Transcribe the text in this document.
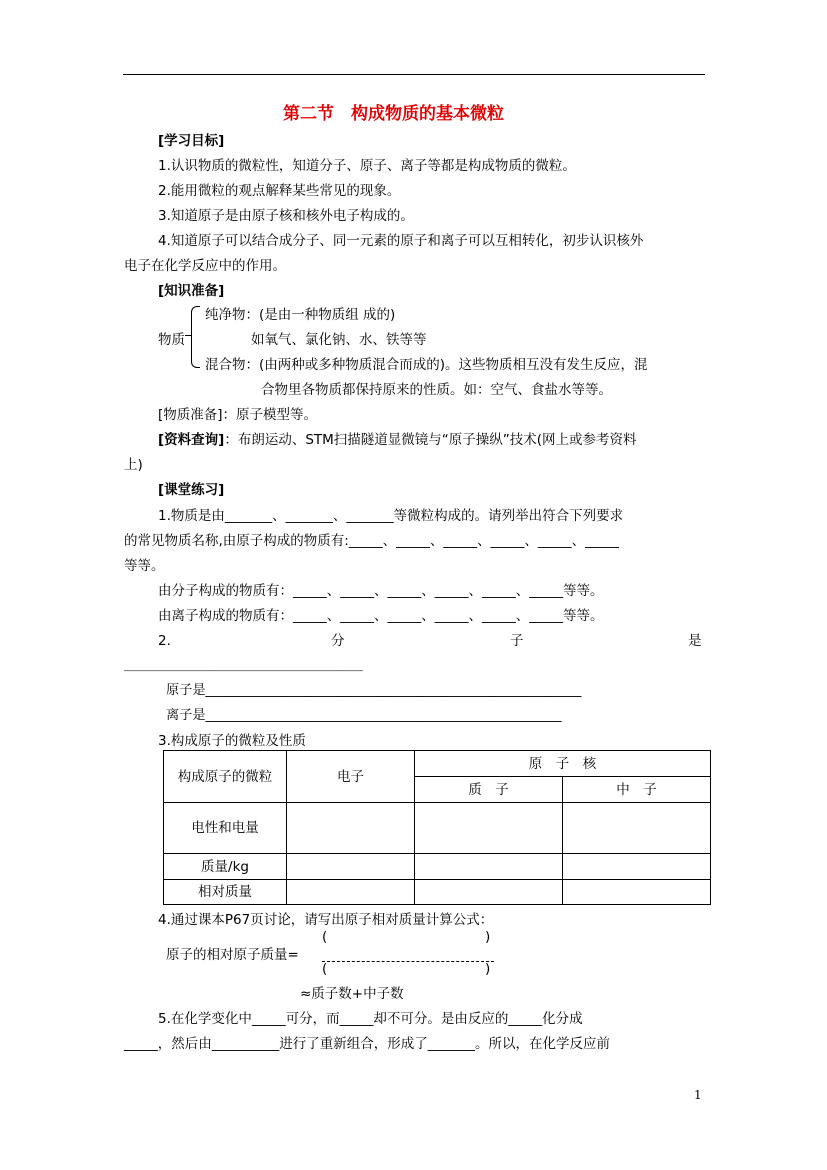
第二节　构成物质的基本微粒
[学习目标]
1.认识物质的微粒性，知道分子、原子、离子等都是构成物质的微粒。
2.能用微粒的观点解释某些常见的现象。
3.知道原子是由原子核和核外电子构成的。
4.知道原子可以结合成分子、同一元素的原子和离子可以互相转化，初步认识核外
电子在化学反应中的作用。
[知识准备]
纯净物：(是由一种物质组 成的)
如氧气、氯化钠、水、铁等等
物质
混合物：(由两种或多种物质混合而成的)。这些物质相互没有发生反应，混
合物里各物质都保持原来的性质。如：空气、食盐水等等。
[物质准备]：原子模型等。
[资料查询]：布朗运动、STM扫描隧道显微镜与“原子操纵”技术(网上或参考资料
上)
[课堂练习]
1.物质是由_______、_______、_______等微粒构成的。请列举出符合下列要求
的常见物质名称,由原子构成的物质有:_____、_____、_____、_____、_____、_____
等等。
由分子构成的物质有：_____、_____、_____、_____、_____、_____等等。
由离子构成的物质有：_____、_____、_____、_____、_____、_____等等。
2.	分	子	是
___________________________________________________________
原子是_________________________________________________________
离子是______________________________________________________
3.构成原子的微粒及性质
构成原子的微粒	电子	原　子　核	
		质　子	中　子
电性和电量			
质量/kg			
相对质量			
4.通过课本P67页讨论，请写出原子相对质量计算公式：
(	)
原子的相对原子质量=
(	)
≈质子数+中子数
5.在化学变化中_____可分，而_____却不可分。是由反应的_____化分成
_____，然后由__________进行了重新组合，形成了_______。所以，在化学反应前
1
